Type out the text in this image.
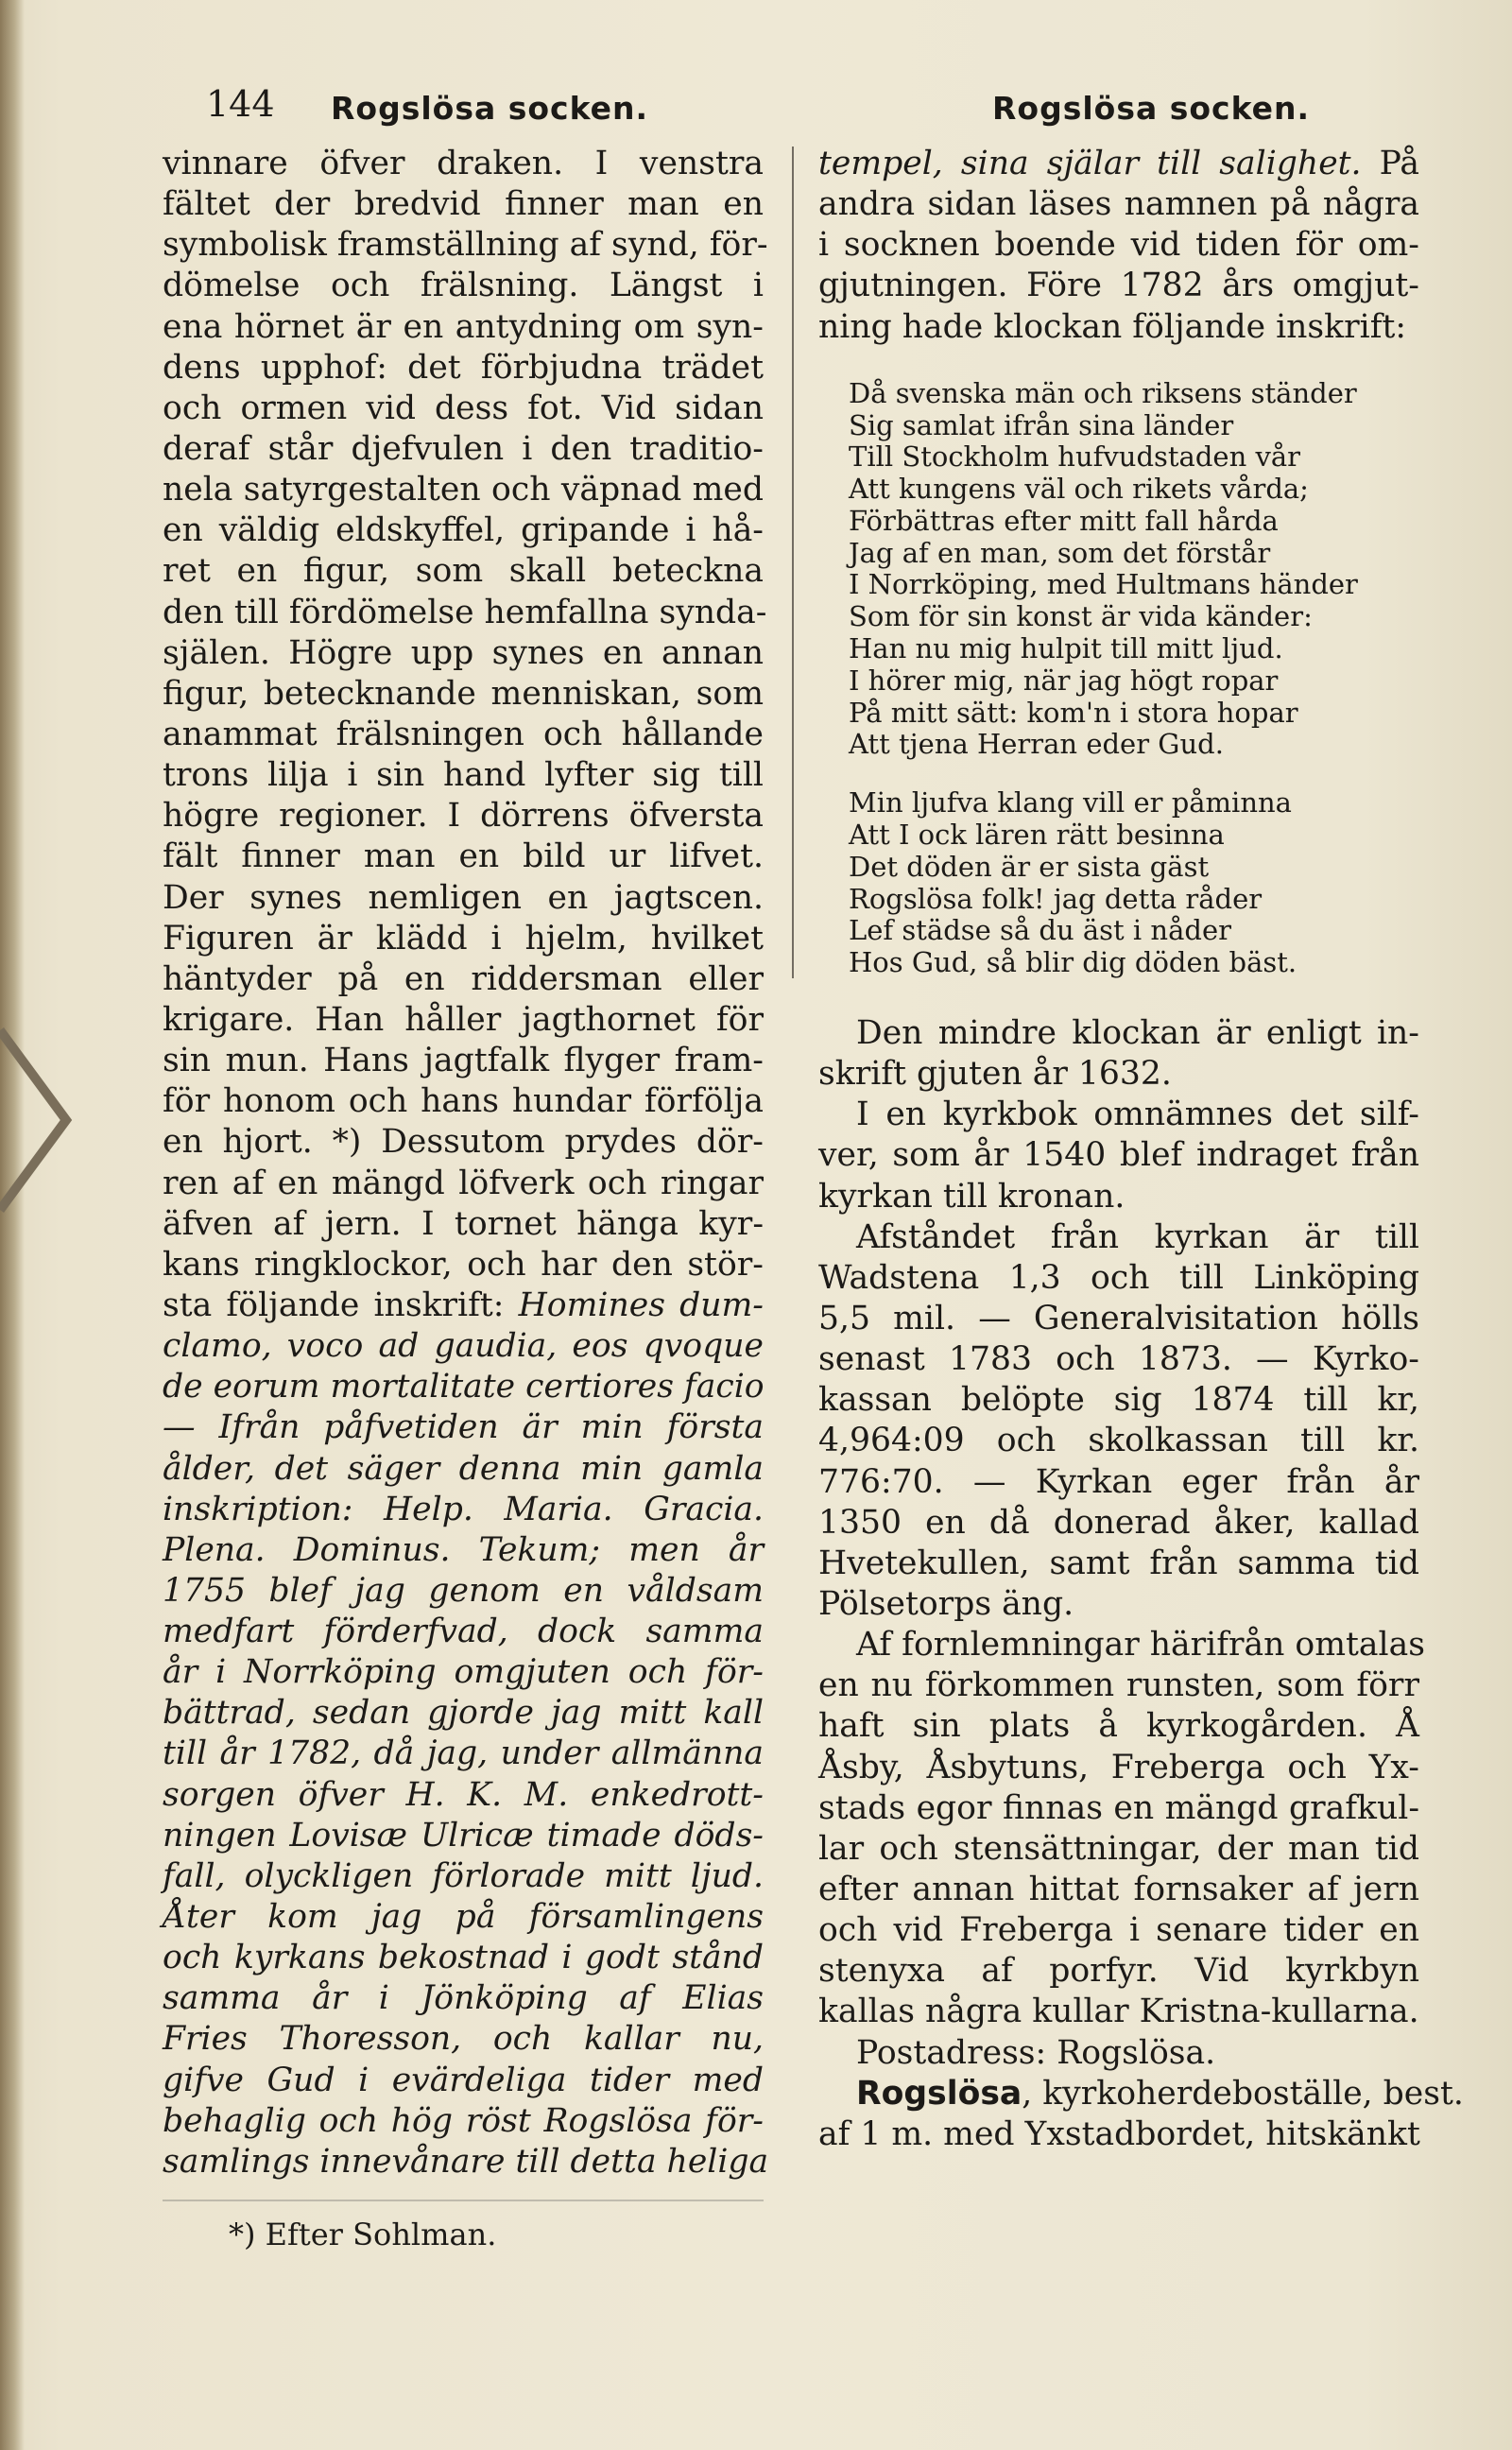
144 Rogslösa socken.	Rogslösa socken.
vinnare öfver draken. I venstra
fältet der bredvid finner man en
symbolisk framställning af synd, för-
dömelse och frälsning. Längst i
ena hörnet är en antydning om syn-
dens upphof: det förbjudna trädet
och ormen vid dess fot. Vid sidan
deraf står djefvulen i den traditio-
nela satyrgestalten och väpnad med
en väldig eldskyffel, gripande i hå-
ret en figur, som skall beteckna
den till fördömelse hemfallna synda-
själen. Högre upp synes en annan
figur, betecknande menniskan, som
anammat frälsningen och hållande
trons lilja i sin hand lyfter sig till
högre regioner. I dörrens öfversta
fält finner man en bild ur lifvet.
Der synes nemligen en jagtscen.
Figuren är klädd i hjelm, hvilket
häntyder på en riddersman eller
krigare. Han håller jagthornet för
sin mun. Hans jagtfalk flyger fram-
för honom och hans hundar förfölja
en hjort. *) Dessutom prydes dör-
ren af en mängd löfverk och ringar
äfven af jern. I tornet hänga kyr-
kans ringklockor, och har den stör-
sta följande inskrift: Homines dum-
clamo, voco ad gaudia, eos qvoque
de eorum mortalitate certiores facio
— Ifrån påfvetiden är min första
ålder, det säger denna min gamla
inskription: Help. Maria. Gracia.
Plena. Dominus. Tekum; men år
1755 blef jag genom en våldsam
medfart förderfvad, dock samma
år i Norrköping omgjuten och för-
bättrad, sedan gjorde jag mitt kall
till år 1782, då jag, under allmänna
sorgen öfver H. K. M. enkedrott-
ningen Lovisæ Ulricæ timade döds-
fall, olyckligen förlorade mitt ljud.
Åter kom jag på församlingens
och kyrkans bekostnad i godt stånd
samma år i Jönköping af Elias
Fries Thoresson, och kallar nu,
gifve Gud i evärdeliga tider med
behaglig och hög röst Rogslösa för-
samlings innevånare till detta heliga
tempel, sina själar till salighet. På
andra sidan läses namnen på några
i socknen boende vid tiden för om-
gjutningen. Före 1782 års omgjut-
ning hade klockan följande inskrift:
Då svenska män och riksens ständer
Sig samlat ifrån sina länder
Till Stockholm hufvudstaden vår
Att kungens väl och rikets vårda;
Förbättras efter mitt fall hårda
Jag af en man, som det förstår
I Norrköping, med Hultmans händer
Som för sin konst är vida känder:
Han nu mig hulpit till mitt ljud.
I hörer mig, när jag högt ropar
På mitt sätt: kom'n i stora hopar
Att tjena Herran eder Gud.
Min ljufva klang vill er påminna
Att I ock lären rätt besinna
Det döden är er sista gäst
Rogslösa folk! jag detta råder
Lef städse så du äst i nåder
Hos Gud, så blir dig döden bäst.
Den mindre klockan är enligt in-
skrift gjuten år 1632.
I en kyrkbok omnämnes det silf-
ver, som år 1540 blef indraget från
kyrkan till kronan.
Afståndet från kyrkan är till
Wadstena 1,3 och till Linköping
5,5 mil. — Generalvisitation hölls
senast 1783 och 1873. — Kyrko-
kassan belöpte sig 1874 till kr,
4,964:09 och skolkassan till kr.
776:70. — Kyrkan eger från år
1350 en då donerad åker, kallad
Hvetekullen, samt från samma tid
Pölsetorps äng.
Af fornlemningar härifrån omtalas
en nu förkommen runsten, som förr
haft sin plats å kyrkogården. Å
Åsby, Åsbytuns, Freberga och Yx-
stads egor finnas en mängd grafkul-
lar och stensättningar, der man tid
efter annan hittat fornsaker af jern
och vid Freberga i senare tider en
stenyxa af porfyr. Vid kyrkbyn
kallas några kullar Kristna-kullarna.
Postadress: Rogslösa.
Rogslösa, kyrkoherdeboställe, best.
af 1 m. med Yxstadbordet, hitskänkt
*) Efter Sohlman.
